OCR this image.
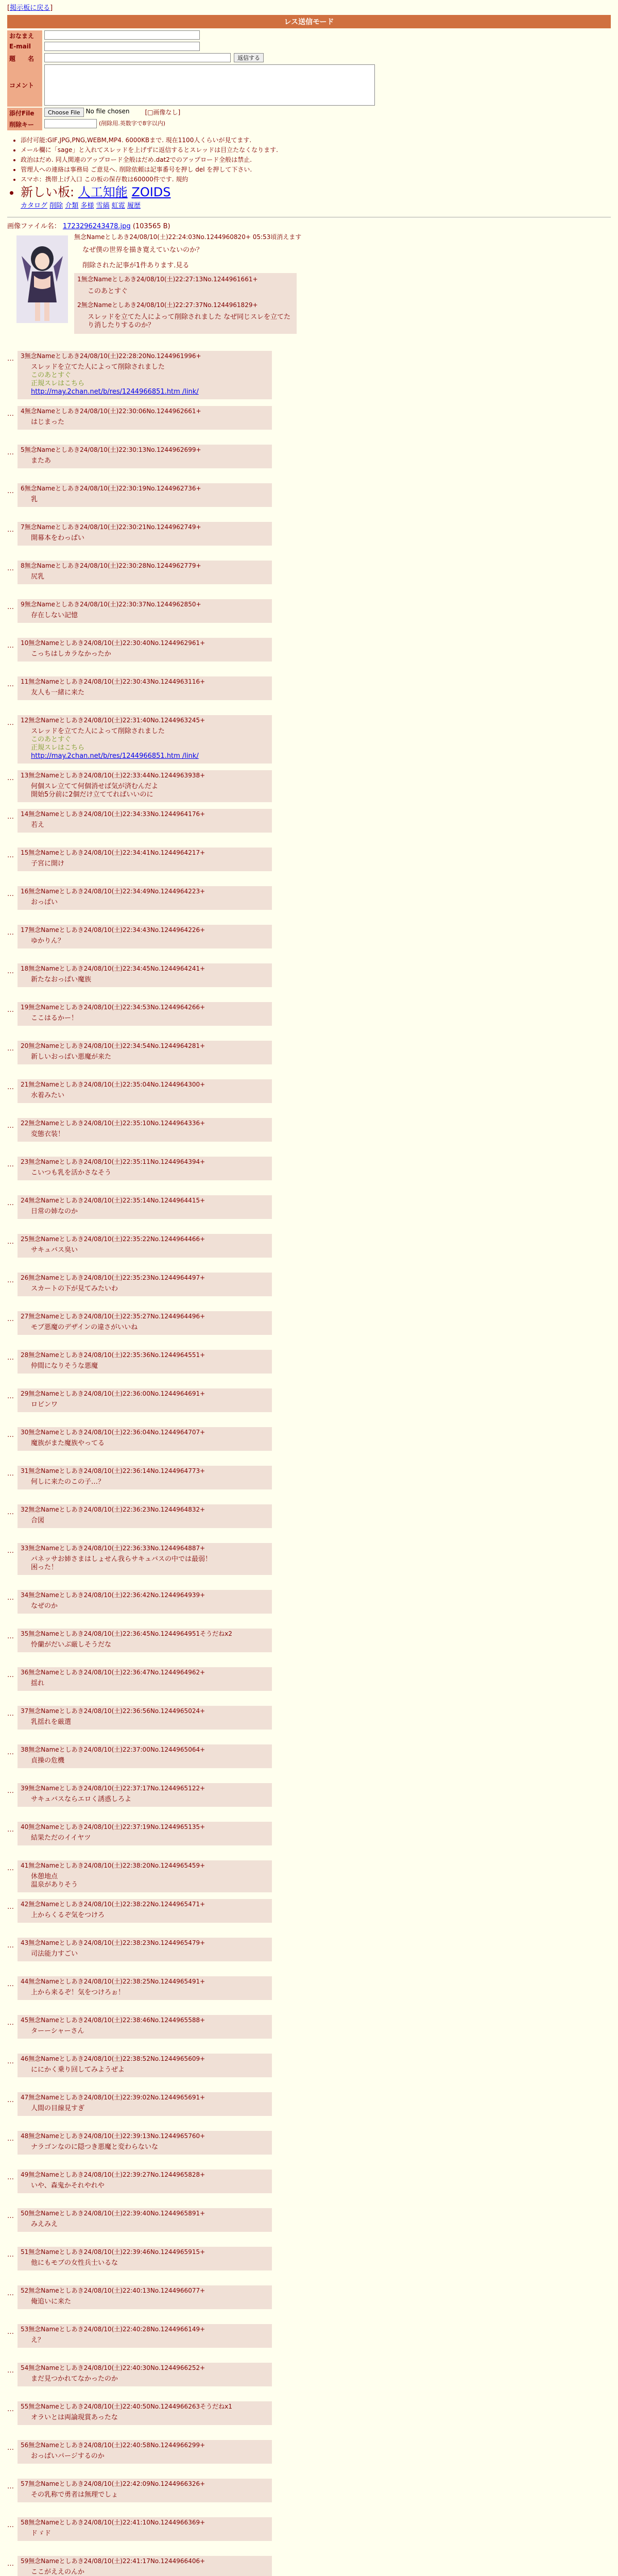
[掲示板に戻る]
レス送信モード
おなまえ
E-mail
題　　名	返信する
コメント
添付File	Choose File No file chosen	[□画像なし]
削除キー	(削除用.英数字で8字以内)
• 添付可能:GIF,JPG,PNG,WEBM,MP4. 6000KBまで. 現在1100人くらいが見てます.
• メール欄に「sage」と入れてスレッドを上げずに返信するとスレッドは目立たなくなります.
• 政治はだめ. 同人関連のアップロード全般はだめ.dat2でのアップロード全般は禁止.
• 管理人への連絡は事務局 ご意見へ. 削除依頼は記事番号を押し del を押して下さい.
• スマホ：携帯上げ入口 この板の保存数は60000件です. 規約
• 新しい板: 人工知能 ZOIDS
カタログ 削除 介類 多様 雪縞 虹霓 履歴
画像ファイル名： 1723296243478.jpg (103565 B)
無念Nameとしあき24/08/10(土)22:24:03No.1244960820+ 05:53頃消えます
なぜ僕の世界を描き寛えていないのか？
削除された記事が1件あります.見る
1無念Nameとしあき24/08/10(土)22:27:13No.1244961661+
このあとすぐ
2無念Nameとしあき24/08/10(土)22:27:37No.1244961829+
スレッドを立てた人によって削除されました なぜ同じスレを立てたり消したりするのか？
…	3無念Nameとしあき24/08/10(土)22:28:20No.1244961996+
スレッドを立てた人によって削除されました
このあとすぐ
正規スレはこちら
http://may.2chan.net/b/res/1244966851.htm /link/
…	4無念Nameとしあき24/08/10(土)22:30:06No.1244962661+
はじまった
…	5無念Nameとしあき24/08/10(土)22:30:13No.1244962699+
またあ
…	6無念Nameとしあき24/08/10(土)22:30:19No.1244962736+
乳
…	7無念Nameとしあき24/08/10(土)22:30:21No.1244962749+
開幕本をわっぱい
…	8無念Nameとしあき24/08/10(土)22:30:28No.1244962779+
尻乳
…	9無念Nameとしあき24/08/10(土)22:30:37No.1244962850+
存在しない記憶
…	10無念Nameとしあき24/08/10(土)22:30:40No.1244962961+
こっちはしカラなかったか
…	11無念Nameとしあき24/08/10(土)22:30:43No.1244963116+
友人も一緒に来た
…	12無念Nameとしあき24/08/10(土)22:31:40No.1244963245+
スレッドを立てた人によって削除されました
このあとすぐ
正規スレはこちら
http://may.2chan.net/b/res/1244966851.htm /link/
…	13無念Nameとしあき24/08/10(土)22:33:44No.1244963938+
何個スレ立てて何個消せば気が済むんだよ
開始5分前に2個だけ立ててればいいのに
…	14無念Nameとしあき24/08/10(土)22:34:33No.1244964176+
若え
…	15無念Nameとしあき24/08/10(土)22:34:41No.1244964217+
子宮に開け
…	16無念Nameとしあき24/08/10(土)22:34:49No.1244964223+
おっぱい
…	17無念Nameとしあき24/08/10(土)22:34:43No.1244964226+
ゆかりん？
…	18無念Nameとしあき24/08/10(土)22:34:45No.1244964241+
新たなおっぱい魔族
…	19無念Nameとしあき24/08/10(土)22:34:53No.1244964266+
ここはるかー！
…	20無念Nameとしあき24/08/10(土)22:34:54No.1244964281+
新しいおっぱい悪魔が来た
…	21無念Nameとしあき24/08/10(土)22:35:04No.1244964300+
水着みたい
…	22無念Nameとしあき24/08/10(土)22:35:10No.1244964336+
変態衣装！
…	23無念Nameとしあき24/08/10(土)22:35:11No.1244964394+
こいつも乳を活かさなそう
…	24無念Nameとしあき24/08/10(土)22:35:14No.1244964415+
日常の姉なのか
…	25無念Nameとしあき24/08/10(土)22:35:22No.1244964466+
サキュバス臭い
…	26無念Nameとしあき24/08/10(土)22:35:23No.1244964497+
スカートの下が見てみたいわ
…	27無念Nameとしあき24/08/10(土)22:35:27No.1244964496+
モブ悪魔のデザインの違さがいいね
…	28無念Nameとしあき24/08/10(土)22:35:36No.1244964551+
仲間になりそうな悪魔
…	29無念Nameとしあき24/08/10(土)22:36:00No.1244964691+
ロビンワ
…	30無念Nameとしあき24/08/10(土)22:36:04No.1244964707+
魔族がまた魔族やってる
…	31無念Nameとしあき24/08/10(土)22:36:14No.1244964773+
何しに来たのこの子…？
…	32無念Nameとしあき24/08/10(土)22:36:23No.1244964832+
合図
…	33無念Nameとしあき24/08/10(土)22:36:33No.1244964887+
パネッサお姉さまはしょせん我らサキュバスの中では最弱！
困った！
…	34無念Nameとしあき24/08/10(土)22:36:42No.1244964939+
なぜのか
…	35無念Nameとしあき24/08/10(土)22:36:45No.1244964951そうだねx2
怜蘭がだいぶ厳しそうだな
…	36無念Nameとしあき24/08/10(土)22:36:47No.1244964962+
揺れ
…	37無念Nameとしあき24/08/10(土)22:36:56No.1244965024+
乳揺れを厳選
…	38無念Nameとしあき24/08/10(土)22:37:00No.1244965064+
貞操の危機
…	39無念Nameとしあき24/08/10(土)22:37:17No.1244965122+
サキュバスならエロく誘惑しろよ
…	40無念Nameとしあき24/08/10(土)22:37:19No.1244965135+
結果ただのイイヤツ
…	41無念Nameとしあき24/08/10(土)22:38:20No.1244965459+
休憩地点
温泉がありそう
…	42無念Nameとしあき24/08/10(土)22:38:22No.1244965471+
上からくるぞ気をつけろ
…	43無念Nameとしあき24/08/10(土)22:38:23No.1244965479+
司法能力すごい
…	44無念Nameとしあき24/08/10(土)22:38:25No.1244965491+
上から来るぞ！気をつけろぉ！
…	45無念Nameとしあき24/08/10(土)22:38:46No.1244965588+
ターーシャーさん
…	46無念Nameとしあき24/08/10(土)22:38:52No.1244965609+
ににかく乗り回してみようぜよ
…	47無念Nameとしあき24/08/10(土)22:39:02No.1244965691+
人間の目線見すぎ
…	48無念Nameとしあき24/08/10(土)22:39:13No.1244965760+
ナラゴンなのに隠つき悪魔と変わらないな
…	49無念Nameとしあき24/08/10(土)22:39:27No.1244965828+
いや、森鬼かそれやれや
…	50無念Nameとしあき24/08/10(土)22:39:40No.1244965891+
みえみえ
…	51無念Nameとしあき24/08/10(土)22:39:46No.1244965915+
他にもモブの女性兵士いるな
…	52無念Nameとしあき24/08/10(土)22:40:13No.1244966077+
俺追いに来た
…	53無念Nameとしあき24/08/10(土)22:40:28No.1244966149+
え？
…	54無念Nameとしあき24/08/10(土)22:40:30No.1244966252+
まだ見つかれてなかったのか
…	55無念Nameとしあき24/08/10(土)22:40:50No.1244966263そうだねx1
オラいとは両論現賞あったな
…	56無念Nameとしあき24/08/10(土)22:40:58No.1244966299+
おっぱいパージするのか
…	57無念Nameとしあき24/08/10(土)22:42:09No.1244966326+
その乳称で勇者は無理でしょ
…	58無念Nameとしあき24/08/10(土)22:41:10No.1244966369+
ドゞド
…	59無念Nameとしあき24/08/10(土)22:41:17No.1244966406+
ここがええのんか
